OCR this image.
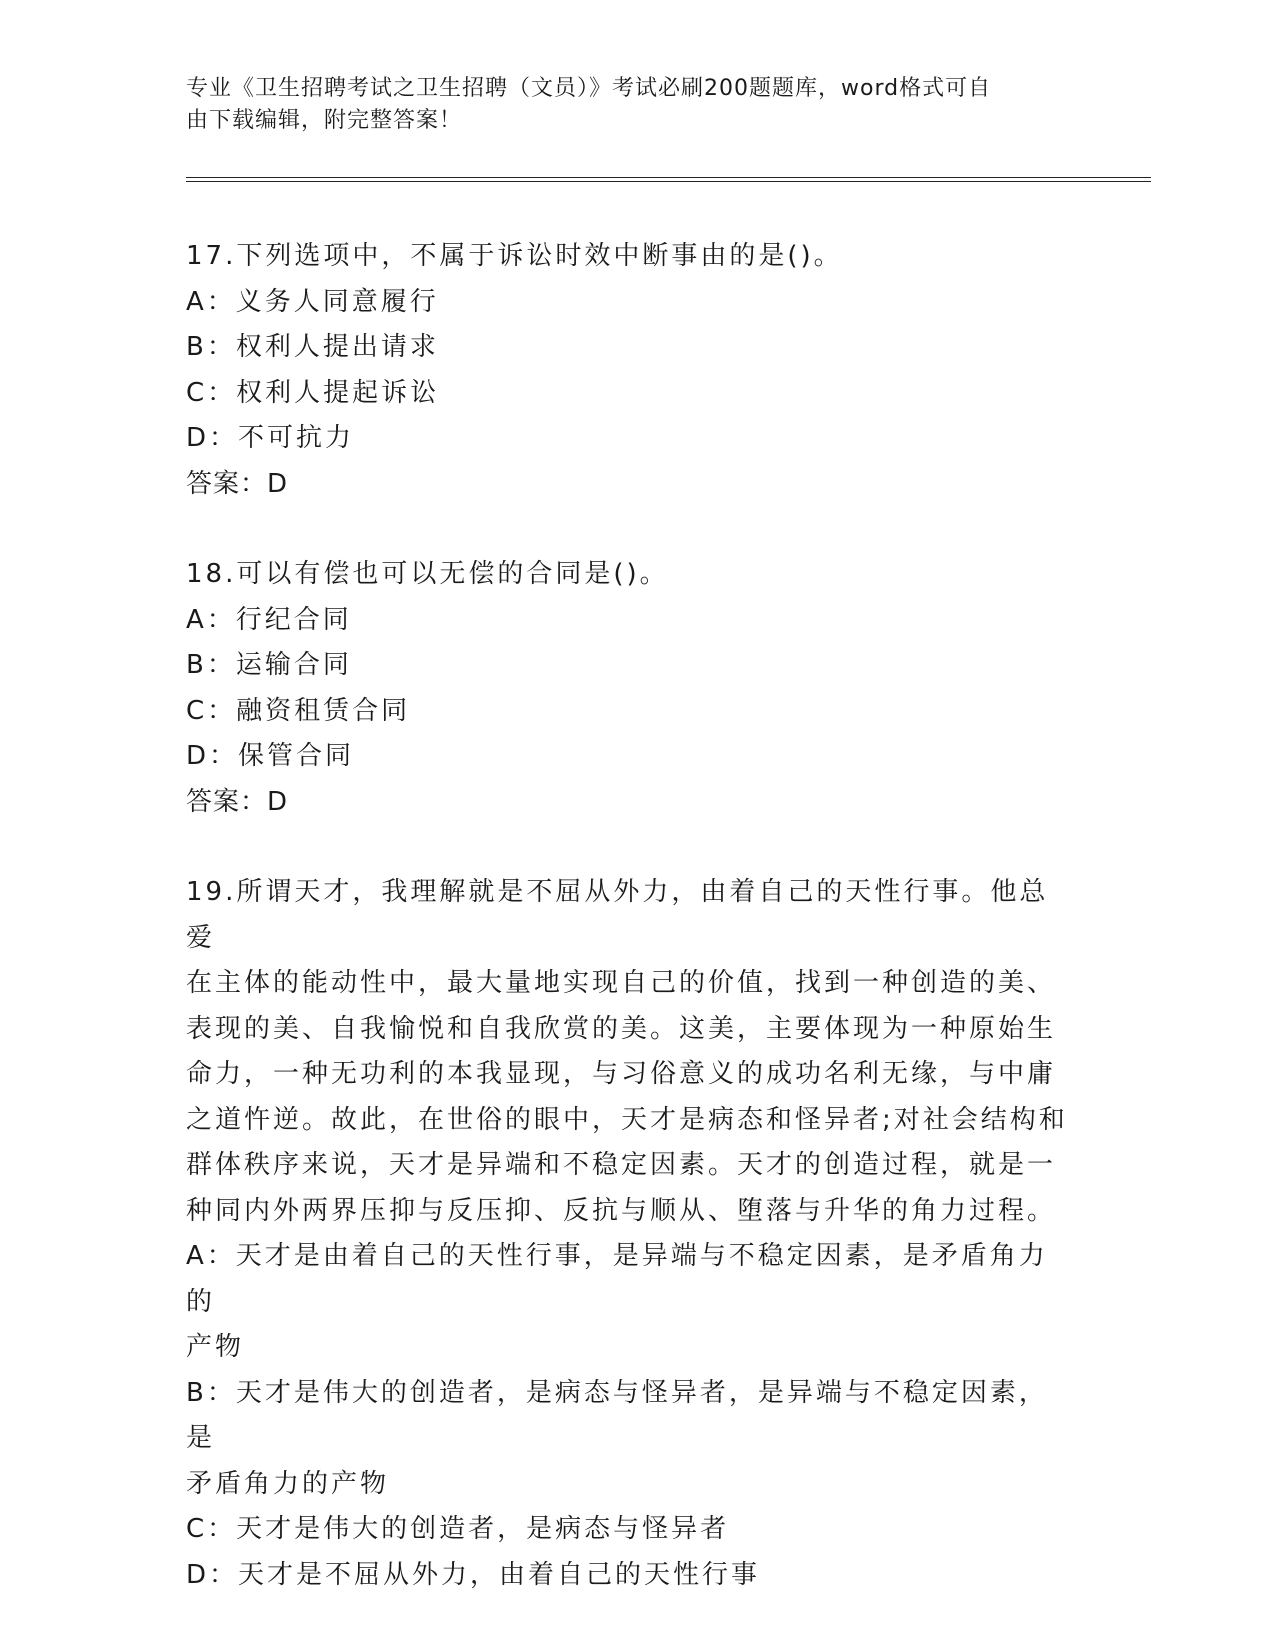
专业《卫生招聘考试之卫生招聘（文员）》考试必刷200题题库，word格式可自
由下载编辑，附完整答案！

17.下列选项中，不属于诉讼时效中断事由的是()。

A：义务人同意履行

B：权利人提出请求

C：权利人提起诉讼

D：不可抗力

答案：D

18.可以有偿也可以无偿的合同是()。

A：行纪合同

B：运输合同

C：融资租赁合同

D：保管合同

答案：D

19.所谓天才，我理解就是不屈从外力，由着自己的天性行事。他总爱

在主体的能动性中，最大量地实现自己的价值，找到一种创造的美、

表现的美、自我愉悦和自我欣赏的美。这美，主要体现为一种原始生

命力，一种无功利的本我显现，与习俗意义的成功名利无缘，与中庸

之道忤逆。故此，在世俗的眼中，天才是病态和怪异者;对社会结构和

群体秩序来说，天才是异端和不稳定因素。天才的创造过程，就是一

种同内外两界压抑与反压抑、反抗与顺从、堕落与升华的角力过程。

A：天才是由着自己的天性行事，是异端与不稳定因素，是矛盾角力的

产物

B：天才是伟大的创造者，是病态与怪异者，是异端与不稳定因素，是

矛盾角力的产物

C：天才是伟大的创造者，是病态与怪异者

D：天才是不屈从外力，由着自己的天性行事
